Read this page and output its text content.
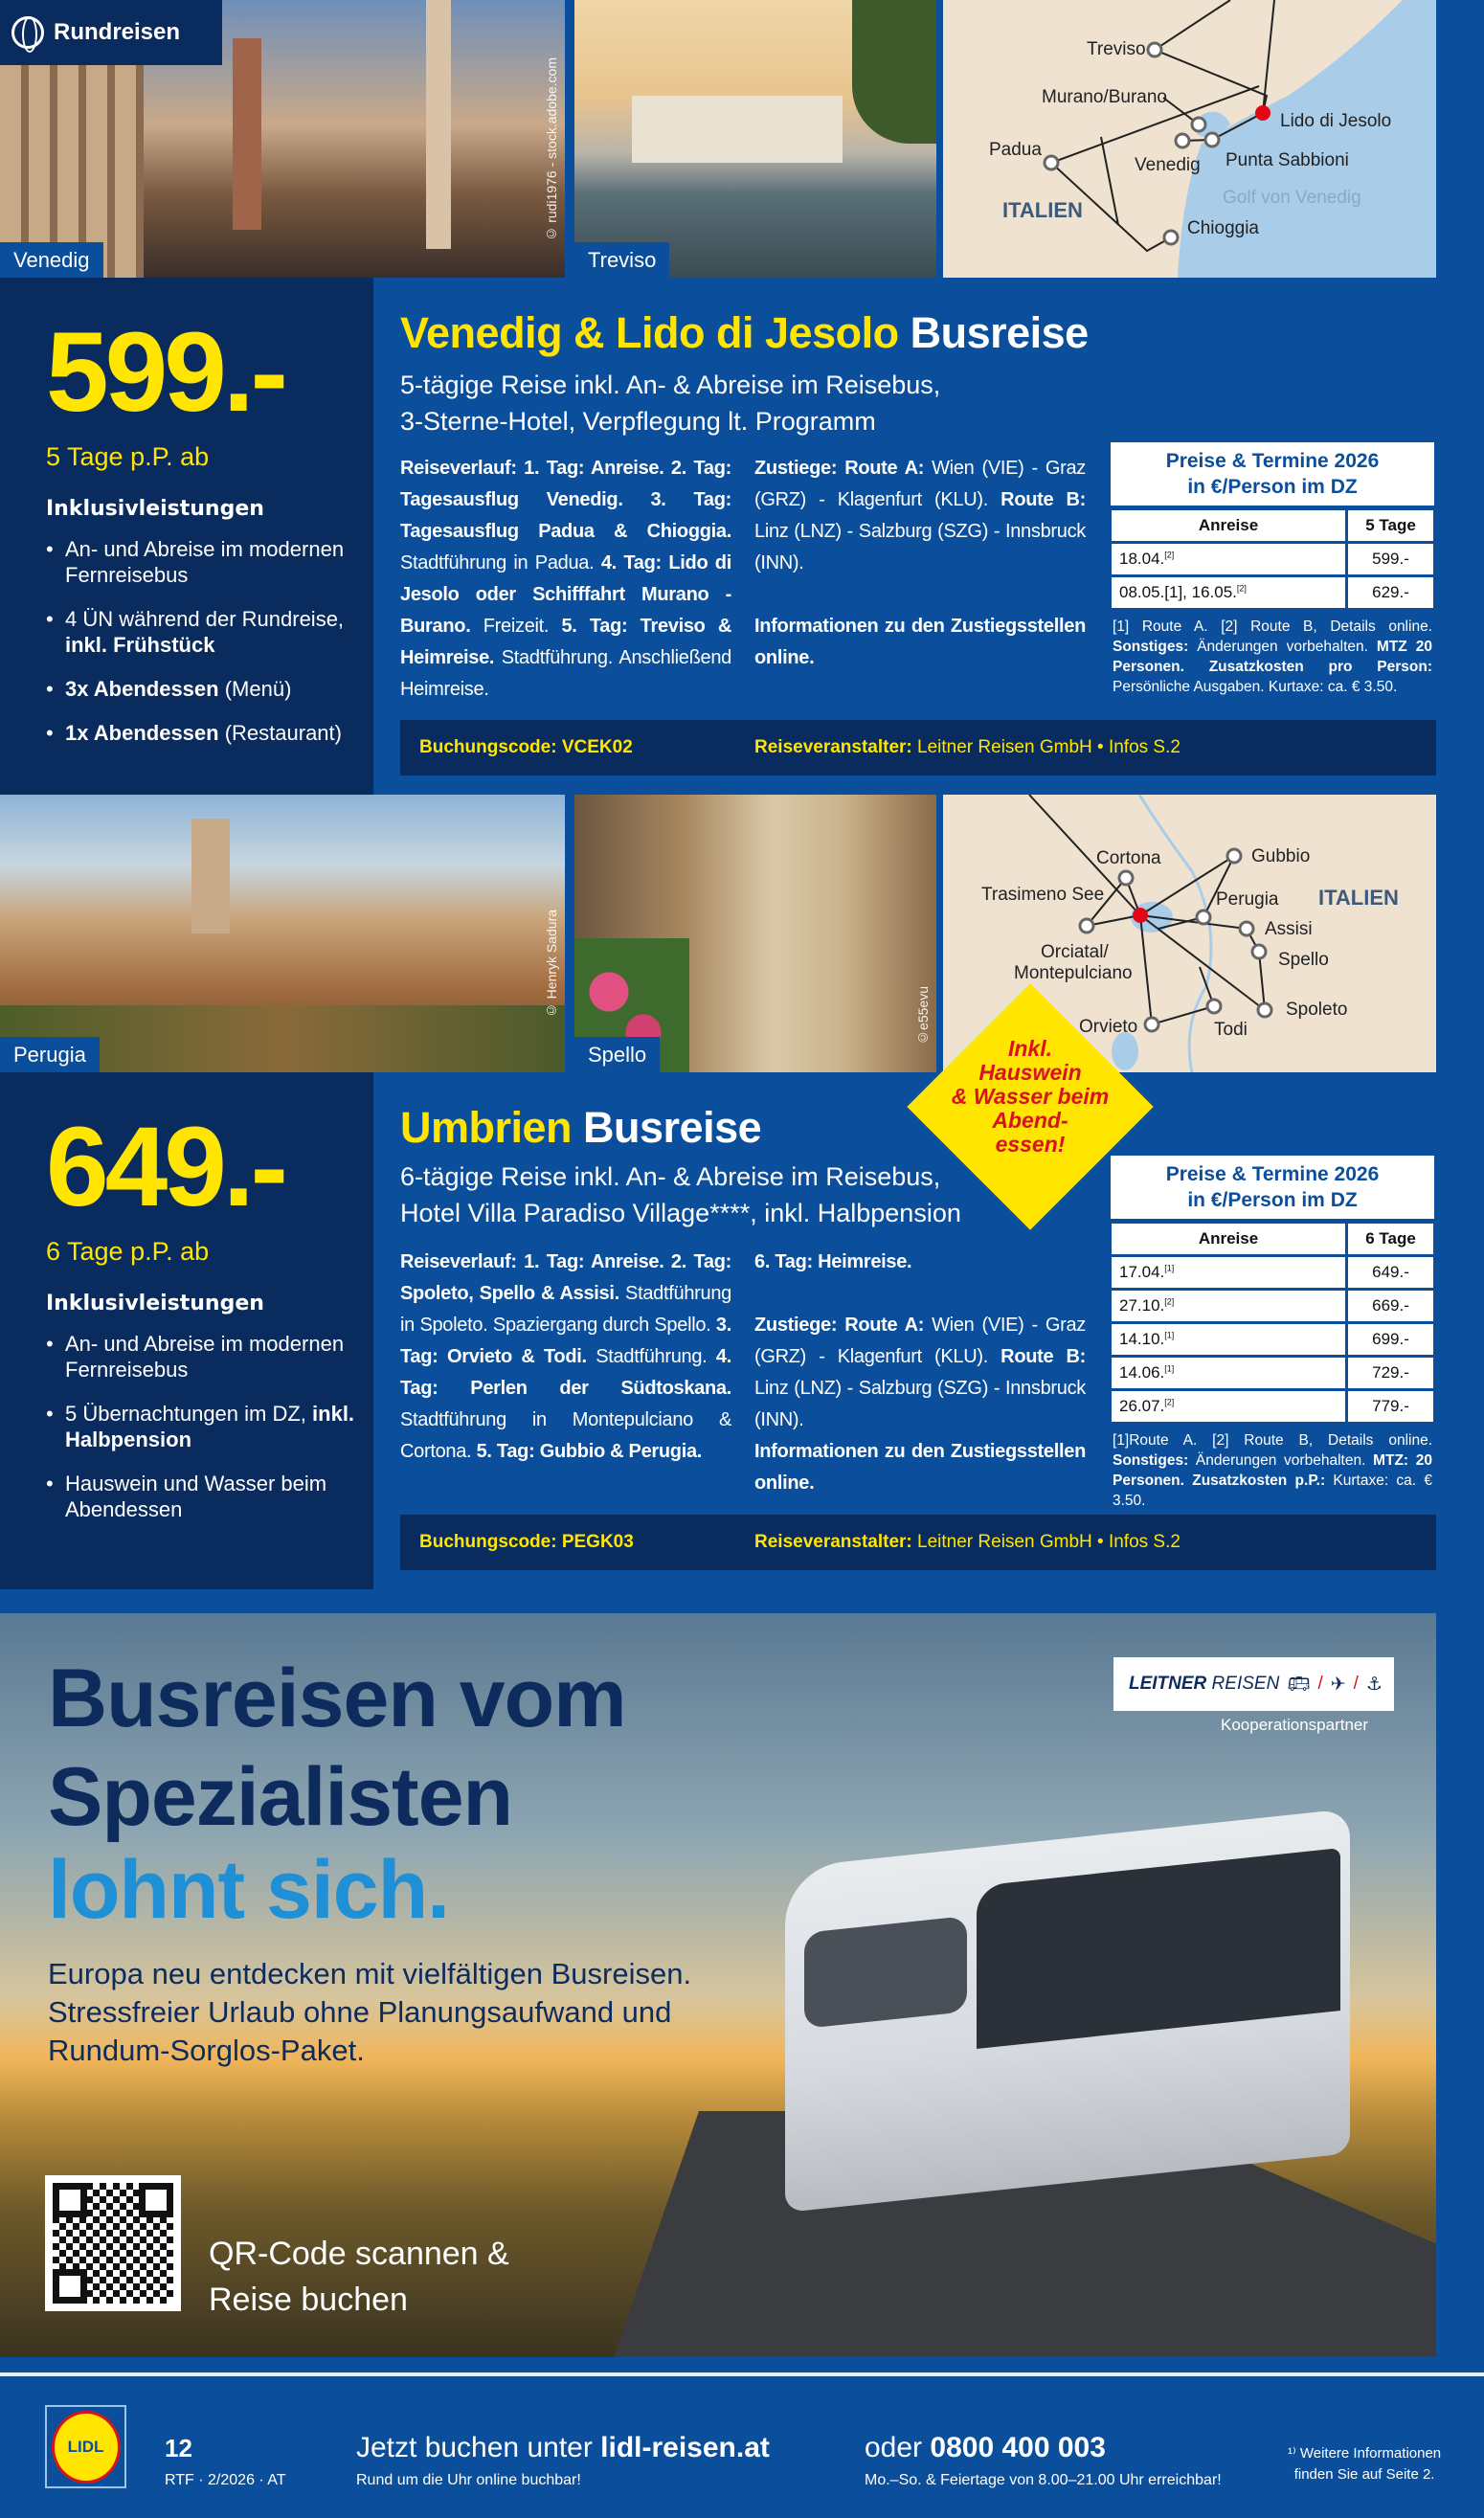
Venedig
© rudi1976 - stock.adobe.com
Rundreisen
Treviso
Treviso
Murano/Burano
Lido di Jesolo
Padua
Venedig Punta Sabbioni
ITALIEN
Golf von Venedig
Chioggia
599.-
5 Tage p.P. ab
Inklusivleistungen
• An- und Abreise im modernen Fernreisebus
• 4 ÜN während der Rundreise, inkl. Frühstück
• 3x Abendessen (Menü)
• 1x Abendessen (Restaurant)
Venedig & Lido di Jesolo Busreise
5-tägige Reise inkl. An- & Abreise im Reisebus,
3-Sterne-Hotel, Verpflegung lt. Programm
Reiseverlauf: 1. Tag: Anreise. 2. Tag: Tagesausflug Venedig. 3. Tag: Tagesausflug Padua & Chioggia. Stadtführung in Padua. 4. Tag: Lido di Jesolo oder Schifffahrt Murano - Burano. Freizeit. 5. Tag: Treviso & Heimreise. Stadtführung. Anschließend Heimreise.
Zustiege: Route A: Wien (VIE) - Graz (GRZ) - Klagenfurt (KLU). Route B: Linz (LNZ) - Salzburg (SZG) - Innsbruck (INN).
Informationen zu den Zustiegsstellen online.
Preise & Termine 2026
in €/Person im DZ
Anreise	5 Tage
18.04.[2]	599.-
08.05.[1], 16.05.[2]	629.-
[1] Route A. [2] Route B, Details online. Sonstiges: Änderungen vorbehalten. MTZ 20 Personen. Zusatzkosten pro Person: Persönliche Ausgaben. Kurtaxe: ca. € 3.50.
Buchungscode: VCEK02	Reiseveranstalter: Leitner Reisen GmbH • Infos S.2
Perugia
© Henryk Sadura
Spello
©e55evu
Cortona	Gubbio
Trasimeno See	Perugia ITALIEN
Assisi
Orciatal/
Montepulciano
Spello
Spoleto
Orvieto	Todi
Inkl.
Hauswein
& Wasser beim
Abend-
essen!
649.-
6 Tage p.P. ab
Inklusivleistungen
• An- und Abreise im modernen Fernreisebus
• 5 Übernachtungen im DZ, inkl. Halbpension
• Hauswein und Wasser beim Abendessen
Umbrien Busreise
6-tägige Reise inkl. An- & Abreise im Reisebus,
Hotel Villa Paradiso Village****, inkl. Halbpension
Reiseverlauf: 1. Tag: Anreise. 2. Tag: Spoleto, Spello & Assisi. Stadtführung in Spoleto. Spaziergang durch Spello. 3. Tag: Orvieto & Todi. Stadtführung. 4. Tag: Perlen der Südtoskana. Stadtführung in Montepulciano & Cortona. 5. Tag: Gubbio & Perugia.
6. Tag: Heimreise.
Zustiege: Route A: Wien (VIE) - Graz (GRZ) - Klagenfurt (KLU). Route B: Linz (LNZ) - Salzburg (SZG) - Innsbruck (INN).
Informationen zu den Zustiegsstellen online.
Preise & Termine 2026
in €/Person im DZ
Anreise	6 Tage
17.04.[1]	649.-
27.10.[2]	669.-
14.10.[1]	699.-
14.06.[1]	729.-
26.07.[2]	779.-
[1]Route A. [2] Route B, Details online. Sonstiges: Änderungen vorbehalten. MTZ: 20 Personen. Zusatzkosten p.P.: Kurtaxe: ca. € 3.50.
Buchungscode: PEGK03	Reiseveranstalter: Leitner Reisen GmbH • Infos S.2
Busreisen vom
Spezialisten
lohnt sich.
Europa neu entdecken mit vielfältigen Busreisen.
Stressfreier Urlaub ohne Planungsaufwand und
Rundum-Sorglos-Paket.
LEITNER REISEN 🚌︎ / ✈︎ / ⚓︎
Kooperationspartner
QR-Code scannen &
Reise buchen
LIDL	12
RTF · 2/2026 · AT
Jetzt buchen unter lidl-reisen.at
Rund um die Uhr online buchbar!
oder 0800 400 003
Mo.–So. & Feiertage von 8.00–21.00 Uhr erreichbar!
¹⁾ Weitere Informationen
finden Sie auf Seite 2.
